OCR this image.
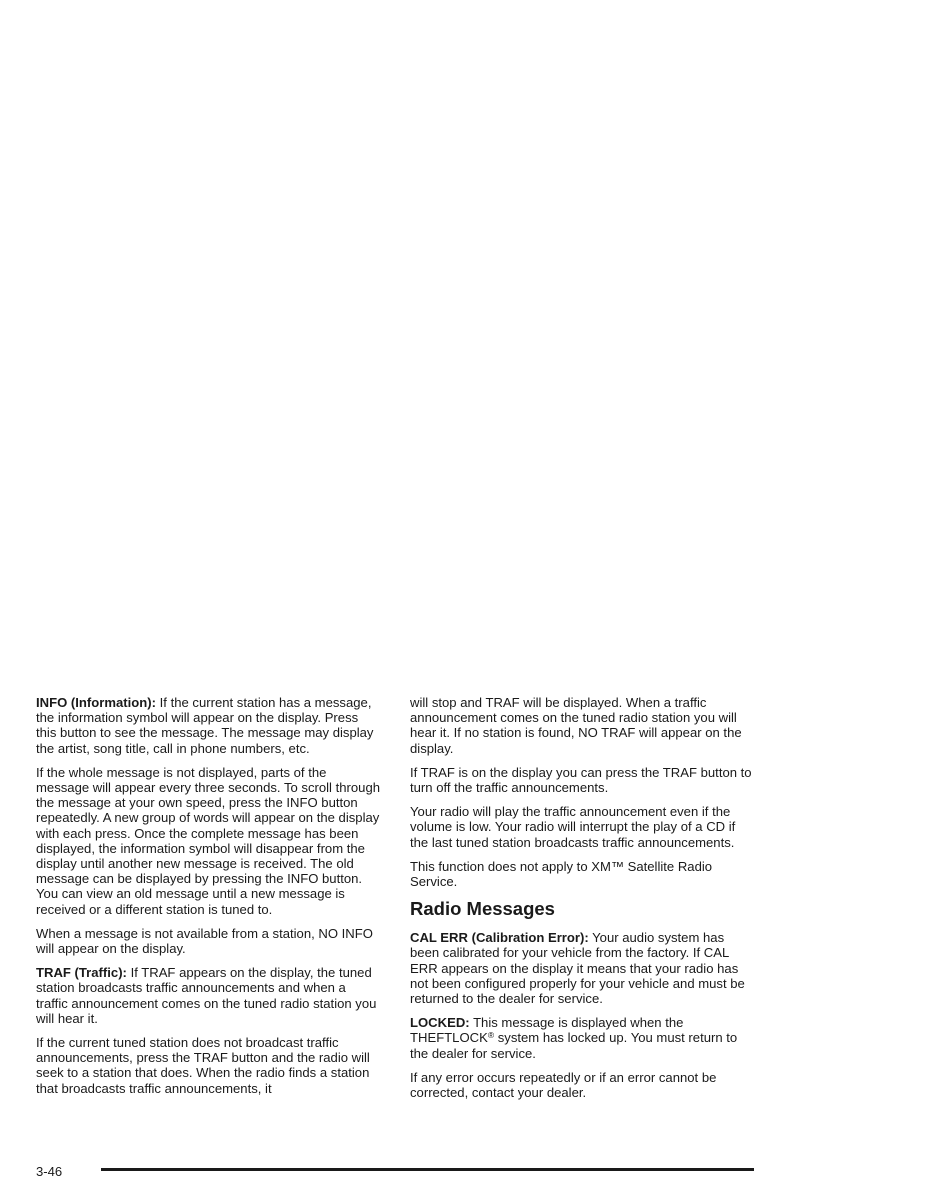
INFO (Information): If the current station has a message, the information symbol will appear on the display. Press this button to see the message. The message may display the artist, song title, call in phone numbers, etc.

If the whole message is not displayed, parts of the message will appear every three seconds. To scroll through the message at your own speed, press the INFO button repeatedly. A new group of words will appear on the display with each press. Once the complete message has been displayed, the information symbol will disappear from the display until another new message is received. The old message can be displayed by pressing the INFO button. You can view an old message until a new message is received or a different station is tuned to.

When a message is not available from a station, NO INFO will appear on the display.

TRAF (Traffic): If TRAF appears on the display, the tuned station broadcasts traffic announcements and when a traffic announcement comes on the tuned radio station you will hear it.

If the current tuned station does not broadcast traffic announcements, press the TRAF button and the radio will seek to a station that does. When the radio finds a station that broadcasts traffic announcements, it

will stop and TRAF will be displayed. When a traffic announcement comes on the tuned radio station you will hear it. If no station is found, NO TRAF will appear on the display.

If TRAF is on the display you can press the TRAF button to turn off the traffic announcements.

Your radio will play the traffic announcement even if the volume is low. Your radio will interrupt the play of a CD if the last tuned station broadcasts traffic announcements.

This function does not apply to XM™ Satellite Radio Service.

Radio Messages

CAL ERR (Calibration Error): Your audio system has been calibrated for your vehicle from the factory. If CAL ERR appears on the display it means that your radio has not been configured properly for your vehicle and must be returned to the dealer for service.

LOCKED: This message is displayed when the THEFTLOCK® system has locked up. You must return to the dealer for service.

If any error occurs repeatedly or if an error cannot be corrected, contact your dealer.

3-46
